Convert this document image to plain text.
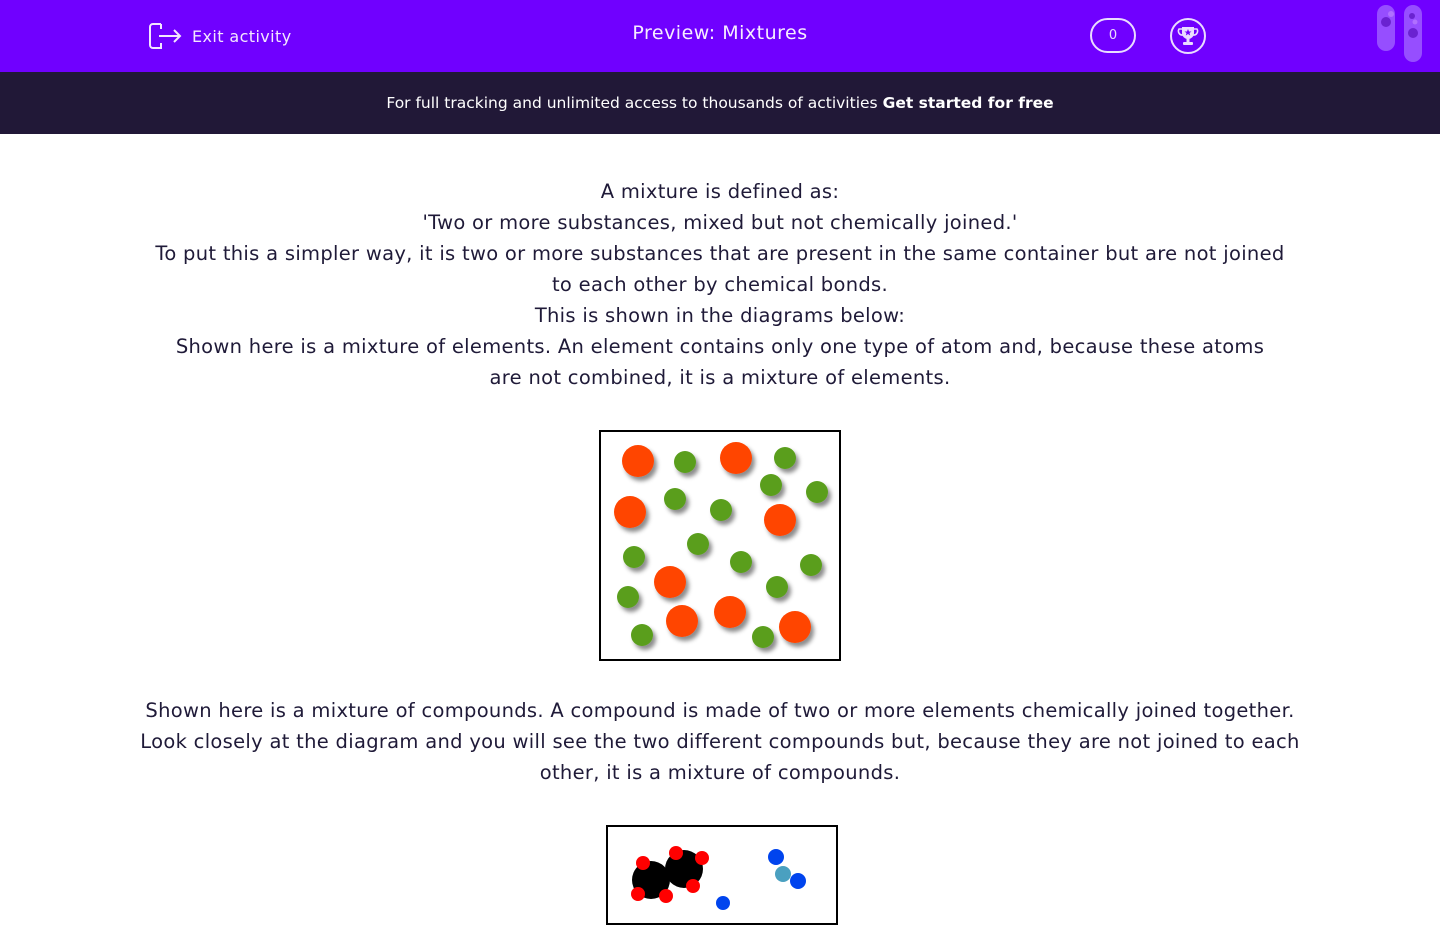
Exit activity	Preview: Mixtures	0
For full tracking and unlimited access to thousands of activities Get started for free

A mixture is defined as:

'Two or more substances, mixed but not chemically joined.'

To put this a simpler way, it is two or more substances that are present in the same container but are not joined to each other by chemical bonds.

This is shown in the diagrams below:

Shown here is a mixture of elements. An element contains only one type of atom and, because these atoms are not combined, it is a mixture of elements.

Shown here is a mixture of compounds. A compound is made of two or more elements chemically joined together. Look closely at the diagram and you will see the two different compounds but, because they are not joined to each other, it is a mixture of compounds.
